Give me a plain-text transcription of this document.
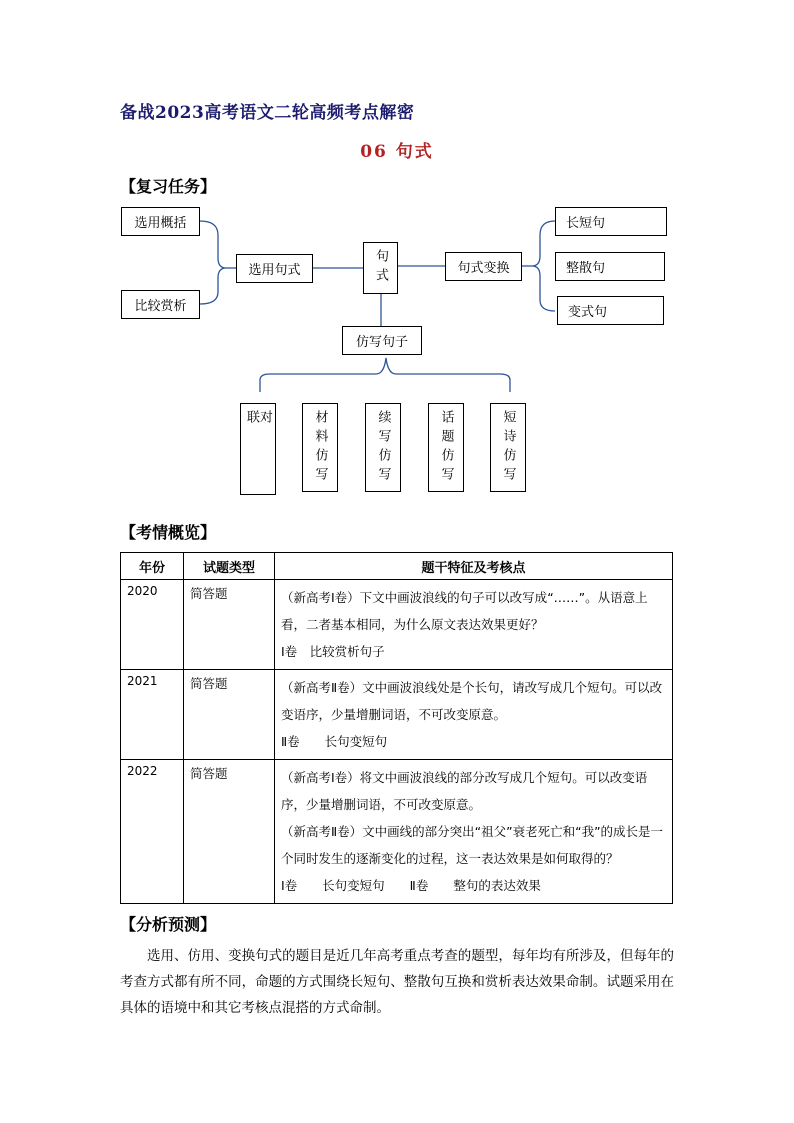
备战2023高考语文二轮高频考点解密
06 句式
【复习任务】
选用概括
比较赏析
选用句式	句式	句式变换
长短句
整散句
变式句
仿写句子
对联	材料仿写	续写仿写	话题仿写	短诗仿写
【考情概览】
年份	试题类型	题干特征及考核点
2020	简答题	（新高考Ⅰ卷）下文中画波浪线的句子可以改写成“……”。从语意上看，二者基本相同，为什么原文表达效果更好？

Ⅰ卷　比较赏析句子

2021	简答题	（新高考Ⅱ卷）文中画波浪线处是个长句，请改写成几个短句。可以改变语序，少量增删词语，不可改变原意。

Ⅱ卷　　长句变短句

2022	简答题	（新高考Ⅰ卷）将文中画波浪线的部分改写成几个短句。可以改变语序，少量增删词语，不可改变原意。

（新高考Ⅱ卷）文中画线的部分突出“祖父”衰老死亡和“我”的成长是一个同时发生的逐渐变化的过程，这一表达效果是如何取得的？

Ⅰ卷　　长句变短句　　Ⅱ卷　　整句的表达效果

【分析预测】
选用、仿用、变换句式的题目是近几年高考重点考查的题型，每年均有所涉及，但每年的考查方式都有所不同，命题的方式围绕长短句、整散句互换和赏析表达效果命制。试题采用在具体的语境中和其它考核点混搭的方式命制。
